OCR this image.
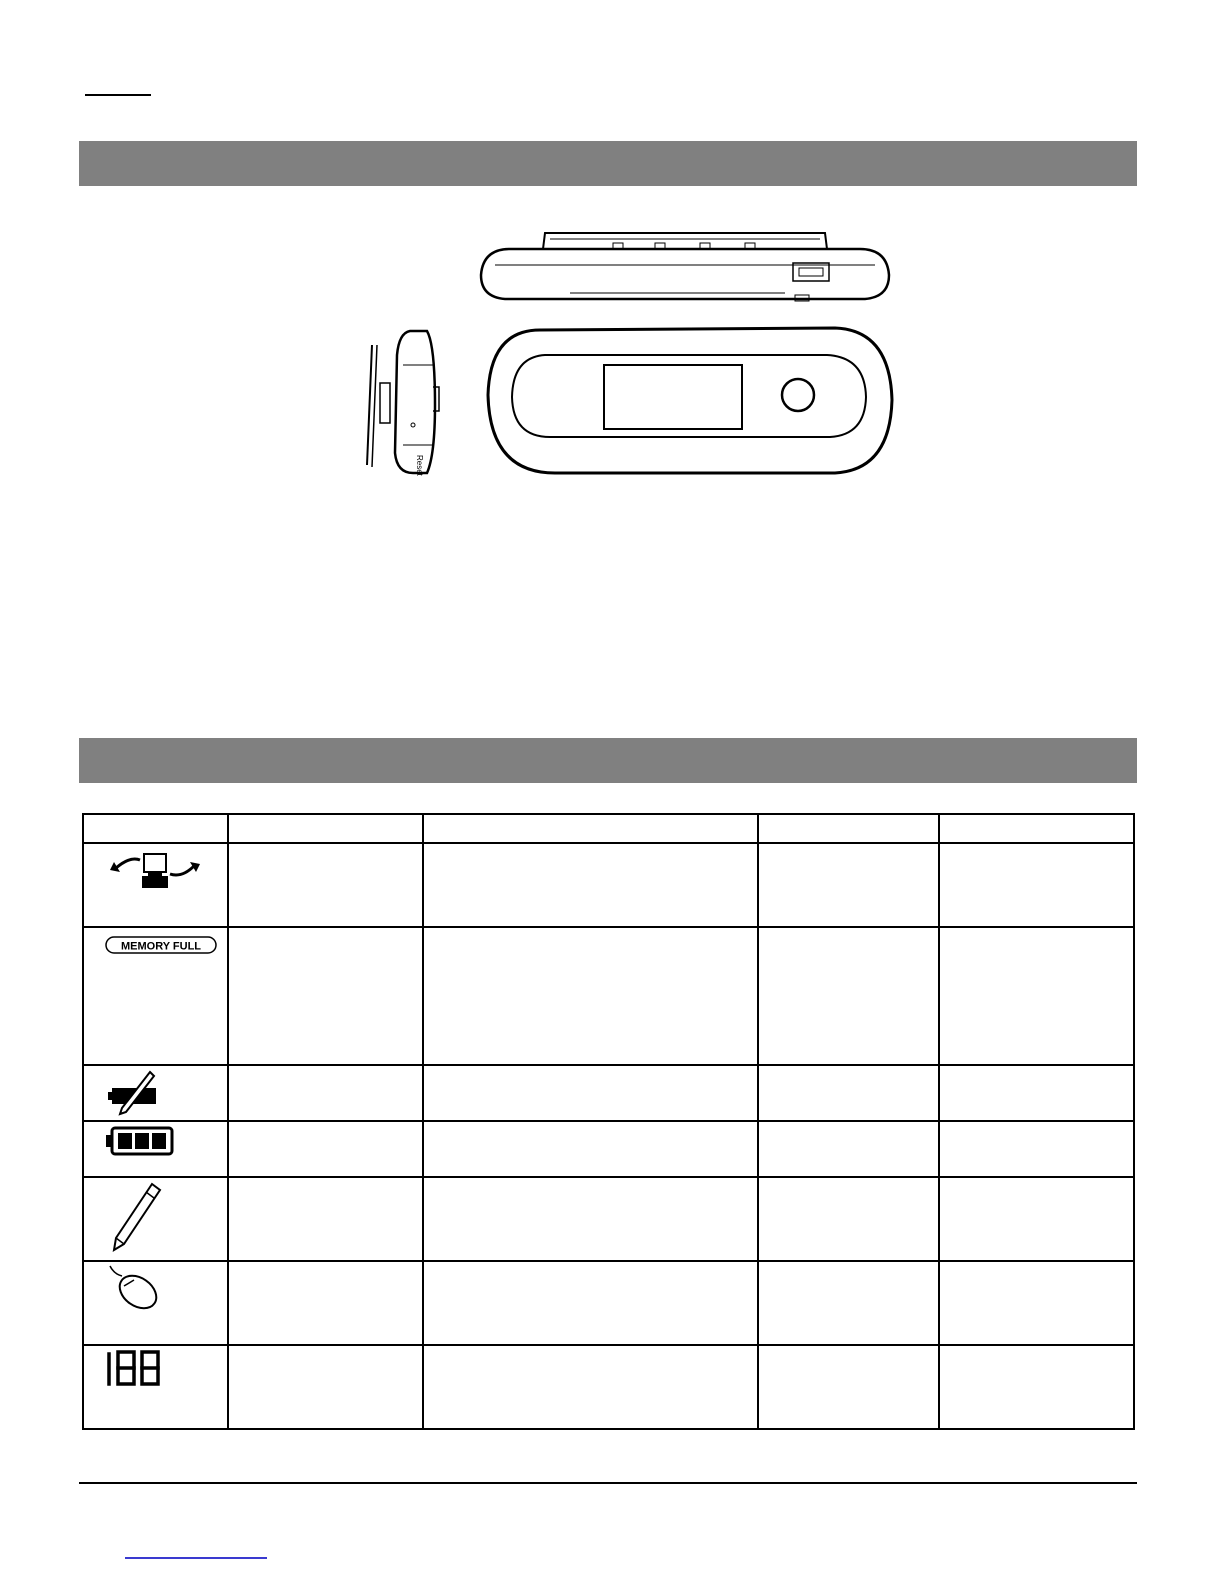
Reset

MEMORY FULL				
